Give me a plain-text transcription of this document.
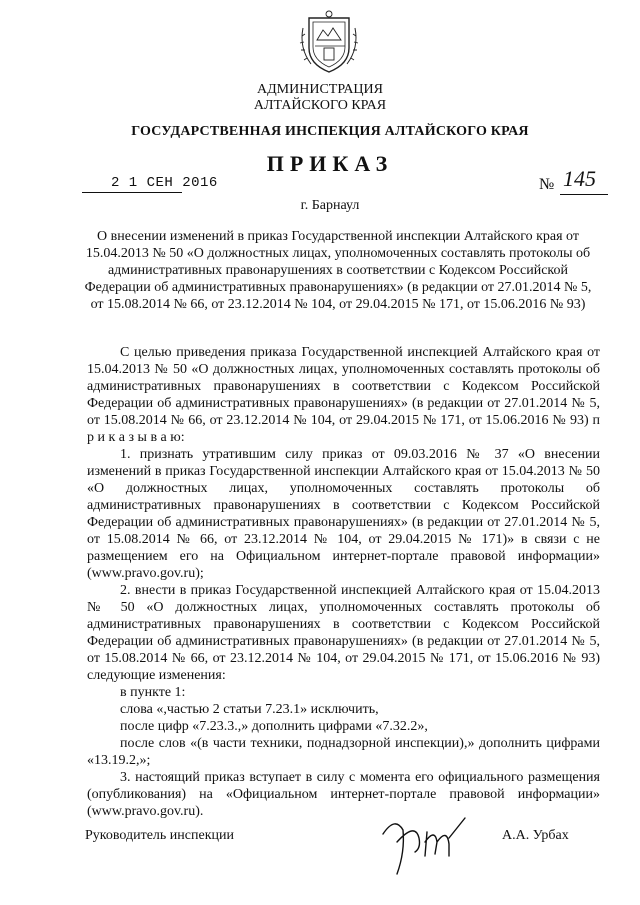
АДМИНИСТРАЦИЯ
АЛТАЙСКОГО КРАЯ
ГОСУДАРСТВЕННАЯ ИНСПЕКЦИЯ АЛТАЙСКОГО КРАЯ
ПРИКАЗ
2 1 СЕН 2016	№ 145
г. Барнаул
О внесении изменений в приказ Государственной инспекции Алтайского края от 15.04.2013 № 50 «О должностных лицах, уполномоченных составлять протоколы об административных правонарушениях в соответствии с Кодексом Российской Федерации об административных правонарушениях» (в редакции от 27.01.2014 № 5, от 15.08.2014 № 66, от 23.12.2014 № 104, от 29.04.2015 № 171, от 15.06.2016 № 93)

С целью приведения приказа Государственной инспекцией Алтайского края от 15.04.2013 № 50 «О должностных лицах, уполномоченных составлять протоколы об административных правонарушениях в соответствии с Кодексом Российской Федерации об административных правонарушениях» (в редакции от 27.01.2014 № 5, от 15.08.2014 № 66, от 23.12.2014 № 104, от 29.04.2015 № 171, от 15.06.2016 № 93) п р и к а з ы в а ю:

1. признать утратившим силу приказ от 09.03.2016 № 37 «О внесении изменений в приказ Государственной инспекции Алтайского края от 15.04.2013 № 50 «О должностных лицах, уполномоченных составлять протоколы об административных правонарушениях в соответствии с Кодексом Российской Федерации об административных правонарушениях» (в редакции от 27.01.2014 № 5, от 15.08.2014 № 66, от 23.12.2014 № 104, от 29.04.2015 № 171)» в связи с не размещением его на Официальном интернет-портале правовой информации» (www.pravo.gov.ru);

2. внести в приказ Государственной инспекцией Алтайского края от 15.04.2013 № 50 «О должностных лицах, уполномоченных составлять протоколы об административных правонарушениях в соответствии с Кодексом Российской Федерации об административных правонарушениях» (в редакции от 27.01.2014 № 5, от 15.08.2014 № 66, от 23.12.2014 № 104, от 29.04.2015 № 171, от 15.06.2016 № 93) следующие изменения:

в пункте 1:

слова «,частью 2 статьи 7.23.1» исключить,

после цифр «7.23.3.,» дополнить цифрами «7.32.2»,

после слов «(в части техники, поднадзорной инспекции),» дополнить цифрами «13.19.2,»;

3. настоящий приказ вступает в силу с момента его официального размещения (опубликования) на «Официальном интернет-портале правовой информации» (www.pravo.gov.ru).

Руководитель инспекции	А.А. Урбах
